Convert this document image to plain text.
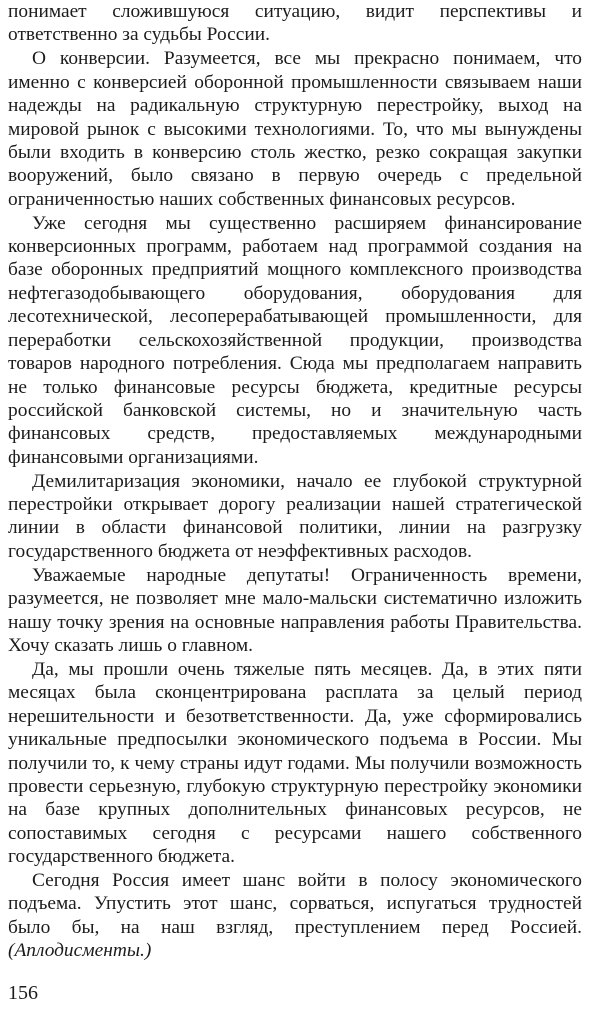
понимает сложившуюся ситуацию, видит перспективы и ответственно за судьбы России.

О конверсии. Разумеется, все мы прекрасно понимаем, что именно с конверсией оборонной промышленности связываем наши надежды на радикальную структурную перестройку, выход на мировой рынок с высокими технологиями. То, что мы вынуждены были входить в конверсию столь жестко, резко сокращая закупки вооружений, было связано в первую очередь с предельной ограниченностью наших собственных финансовых ресурсов.

Уже сегодня мы существенно расширяем финансирование конверсионных программ, работаем над программой создания на базе оборонных предприятий мощного комплексного производства нефтегазодобывающего оборудования, оборудования для лесотехнической, лесоперерабатывающей промышленности, для переработки сельскохозяйственной продукции, производства товаров народного потребления. Сюда мы предполагаем направить не только финансовые ресурсы бюджета, кредитные ресурсы российской банковской системы, но и значительную часть финансовых средств, предоставляемых международными финансовыми организациями.

Демилитаризация экономики, начало ее глубокой структурной перестройки открывает дорогу реализации нашей стратегической линии в области финансовой политики, линии на разгрузку государственного бюджета от неэффективных расходов.

Уважаемые народные депутаты! Ограниченность времени, разумеется, не позволяет мне мало-мальски систематично изложить нашу точку зрения на основные направления работы Правительства. Хочу сказать лишь о главном.

Да, мы прошли очень тяжелые пять месяцев. Да, в этих пяти месяцах была сконцентрирована расплата за целый период нерешительности и безответственности. Да, уже сформировались уникальные предпосылки экономического подъема в России. Мы получили то, к чему страны идут годами. Мы получили возможность провести серьезную, глубокую структурную перестройку экономики на базе крупных дополнительных финансовых ресурсов, не сопоставимых сегодня с ресурсами нашего собственного государственного бюджета.

Сегодня Россия имеет шанс войти в полосу экономического подъема. Упустить этот шанс, сорваться, испугаться трудностей было бы, на наш взгляд, преступлением перед Россией. (Аплодисменты.)

156
